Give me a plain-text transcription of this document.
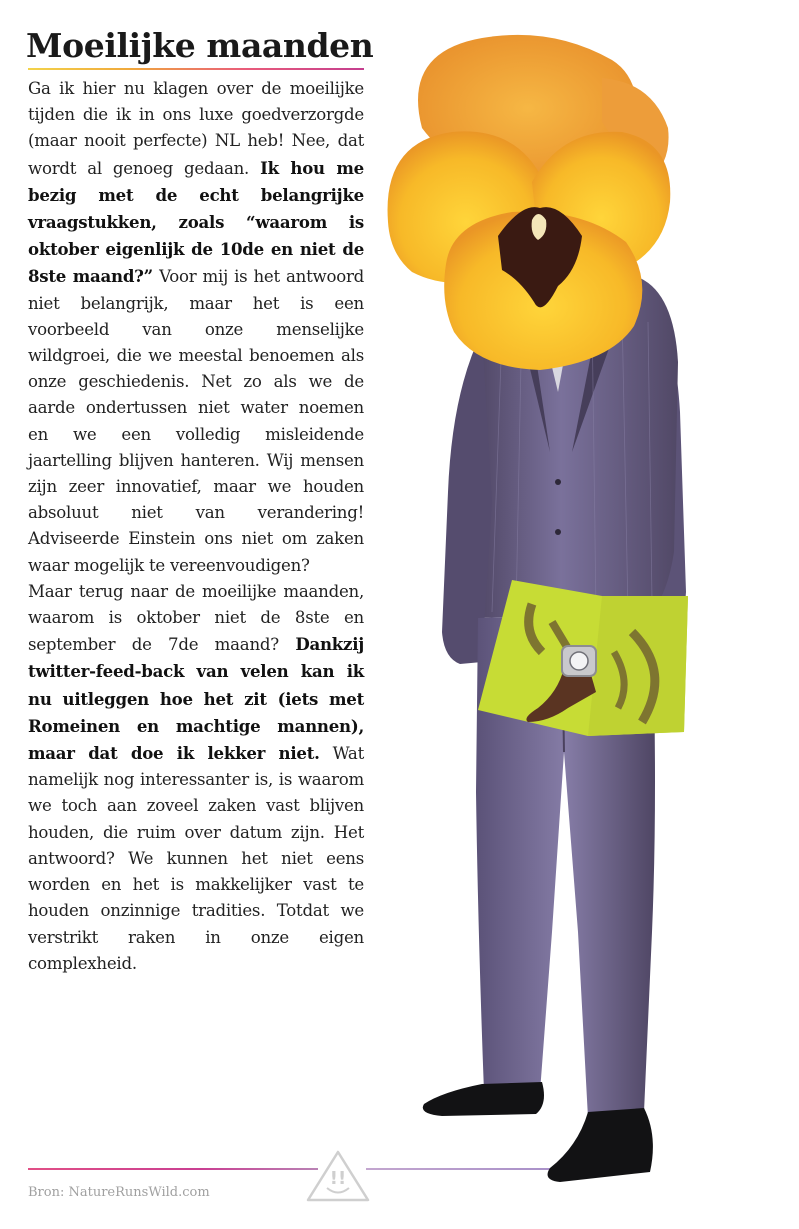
Moeilijke maanden

Ga ik hier nu klagen over de moeilijke tijden die ik in ons luxe goedverzorgde (maar nooit perfecte) NL heb! Nee, dat wordt al genoeg gedaan. Ik hou me bezig met de echt belangrijke vraagstukken, zoals “waarom is oktober eigenlijk de 10de en niet de 8ste maand?” Voor mij is het antwoord niet belangrijk, maar het is een voorbeeld van onze menselijke wildgroei, die we meestal benoemen als onze geschiedenis. Net zo als we de aarde ondertussen niet water noemen en we een volledig misleidende jaartelling blijven hanteren. Wij mensen zijn zeer innovatief, maar we houden absoluut niet van verandering! Adviseerde Einstein ons niet om zaken waar mogelijk te vereenvoudigen?

Maar terug naar de moeilijke maanden, waarom is oktober niet de 8ste en september de 7de maand? Dankzij twitter-feed-back van velen kan ik nu uitleggen hoe het zit (iets met Romeinen en machtige mannen), maar dat doe ik lekker niet. Wat namelijk nog interessanter is, is waarom we toch aan zoveel zaken vast blijven houden, die ruim over datum zijn. Het antwoord? We kunnen het niet eens worden en het is makkelijker vast te houden onzinnige tradities. Totdat we verstrikt raken in onze eigen complexheid.

!!
Bron: NatureRunsWild.com
